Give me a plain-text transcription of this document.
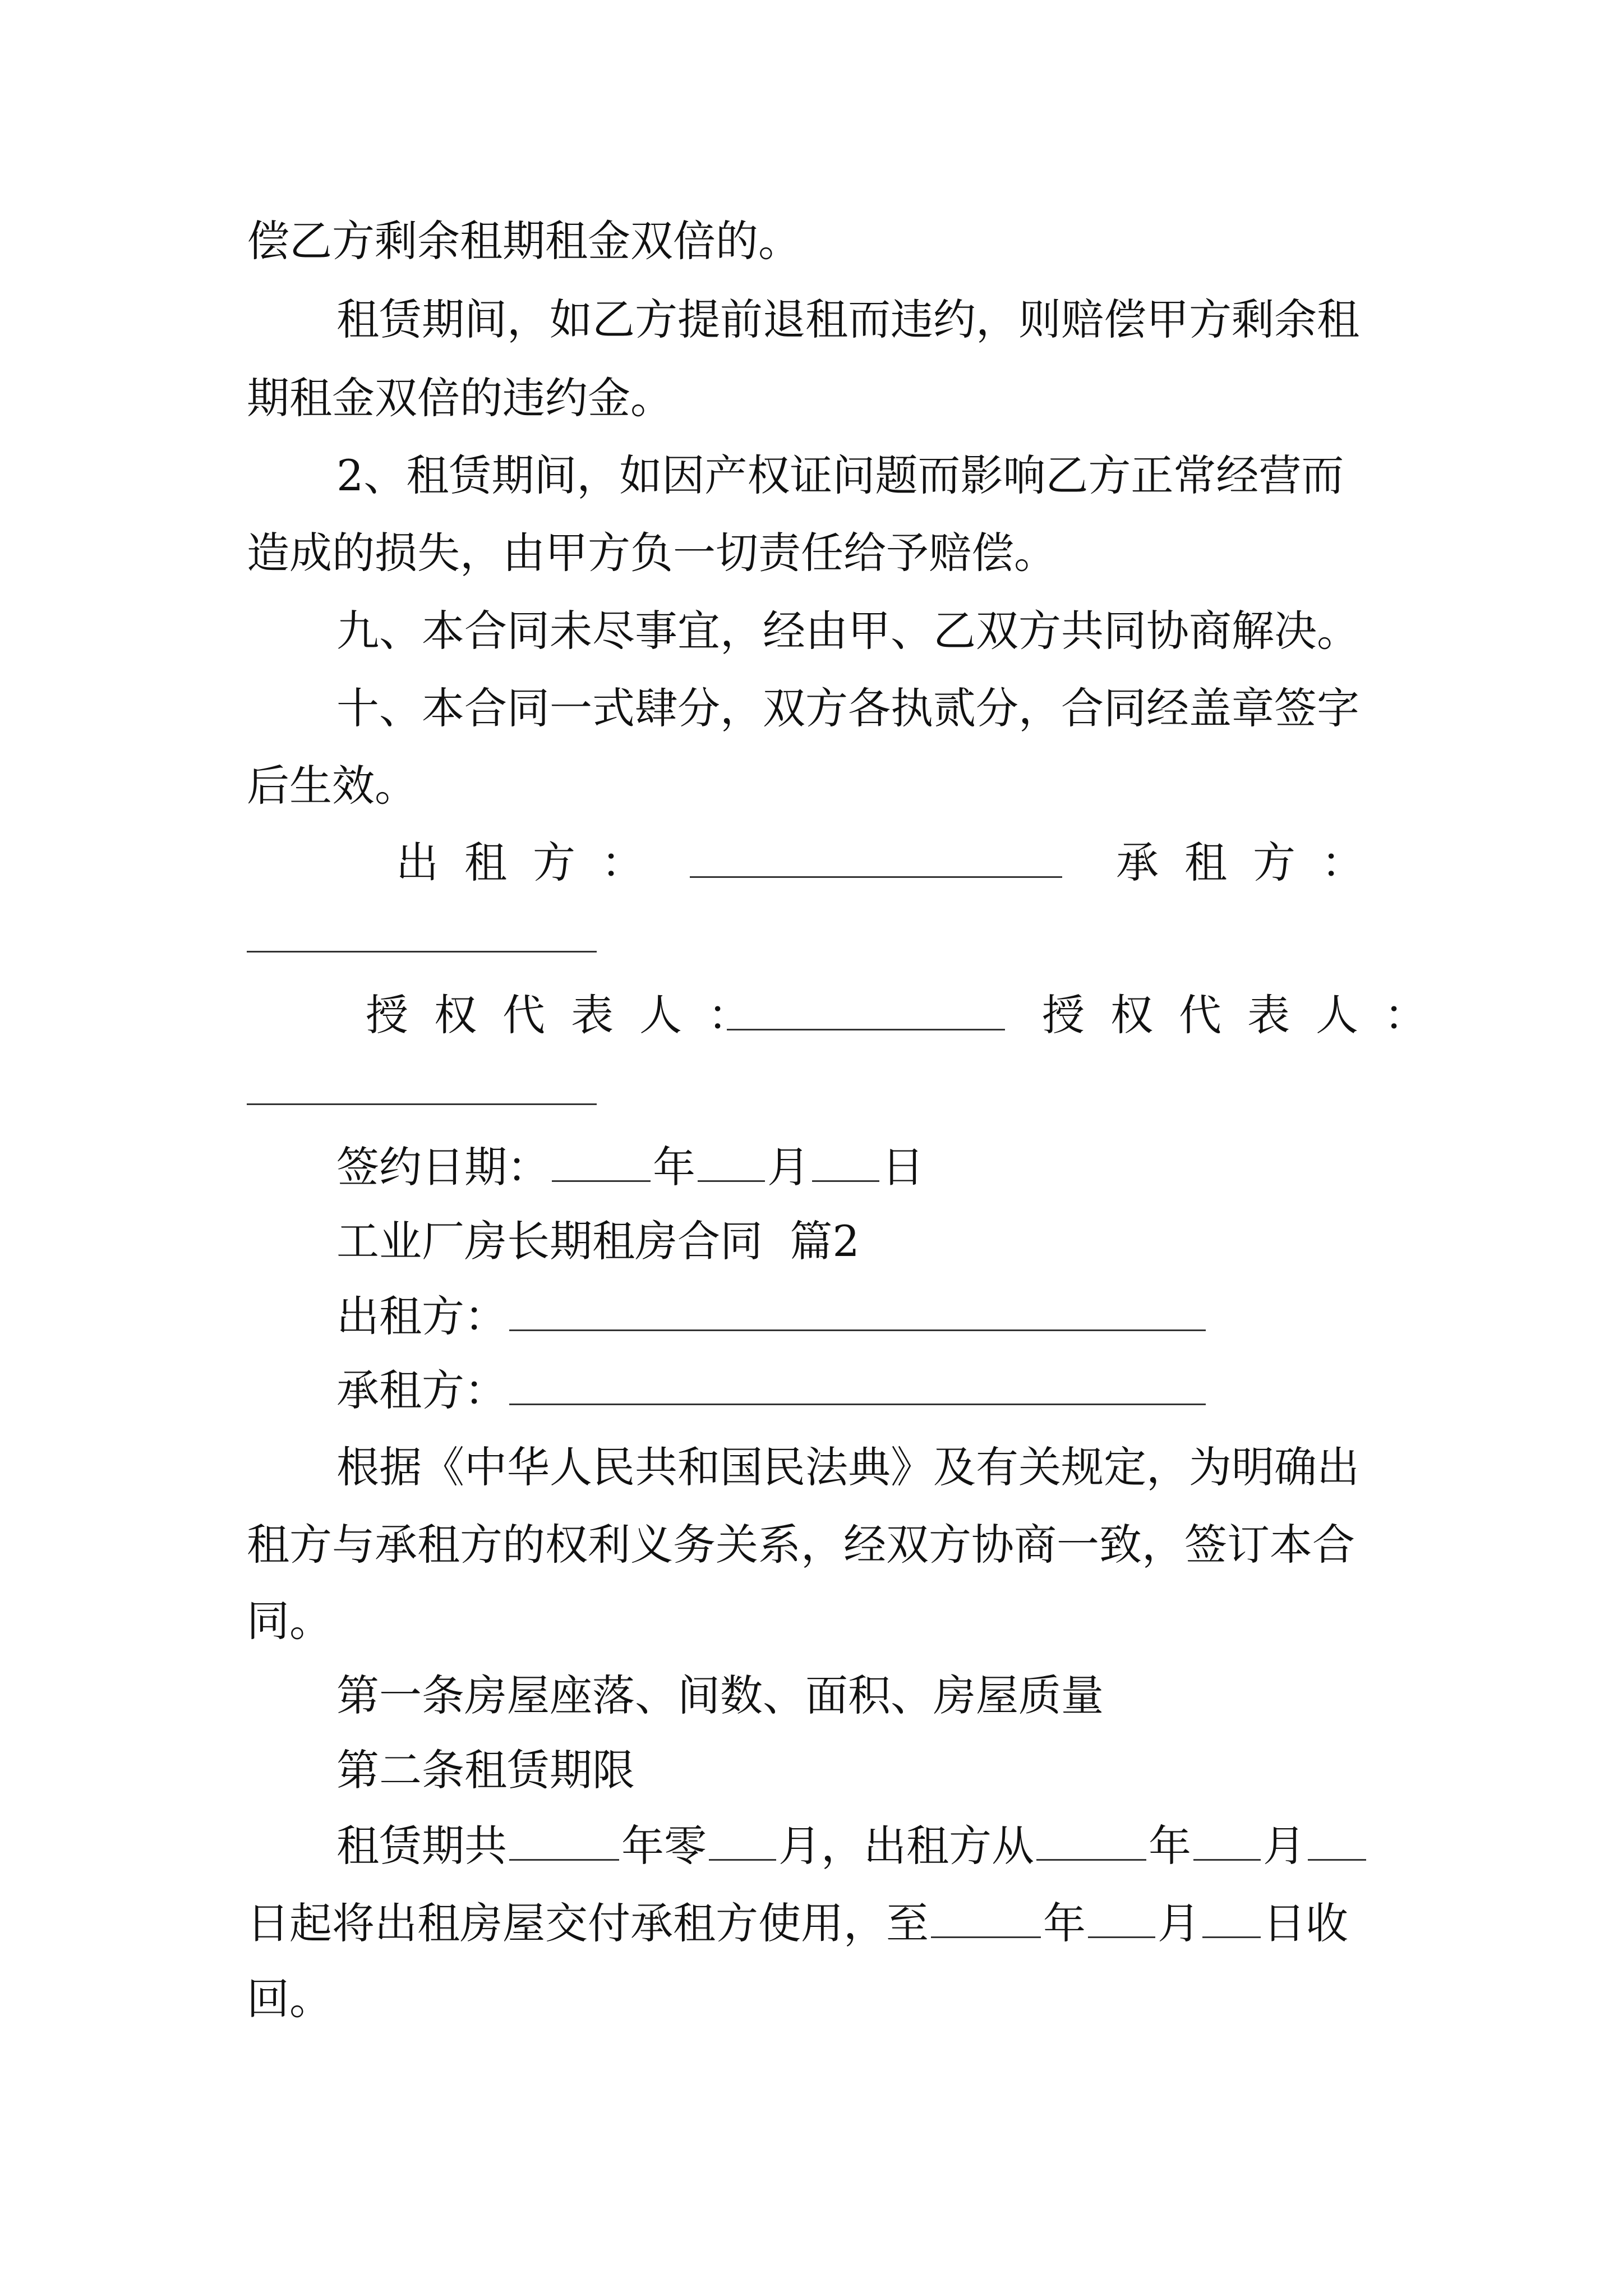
偿乙方剩余租期租金双倍的。
租赁期间，如乙方提前退租而违约，则赔偿甲方剩余租
期租金双倍的违约金。
2、租赁期间，如因产权证问题而影响乙方正常经营而
造成的损失，由甲方负一切责任给予赔偿。
九、本合同未尽事宜，经由甲、乙双方共同协商解决。
十、本合同一式肆分，双方各执贰分，合同经盖章签字
后生效。
出租方：	承租方：
授权代表人：	授权代表人：
签约日期： 年 月 日
工业厂房长期租房合同  篇2
出租方：
承租方：
根据《中华人民共和国民法典》及有关规定，为明确出
租方与承租方的权利义务关系，经双方协商一致，签订本合
同。
第一条房屋座落、间数、面积、房屋质量
第二条租赁期限
租赁期共	年零 月，出租方从	年 月
日起将出租房屋交付承租方使用，至	年 月 日收
回。
